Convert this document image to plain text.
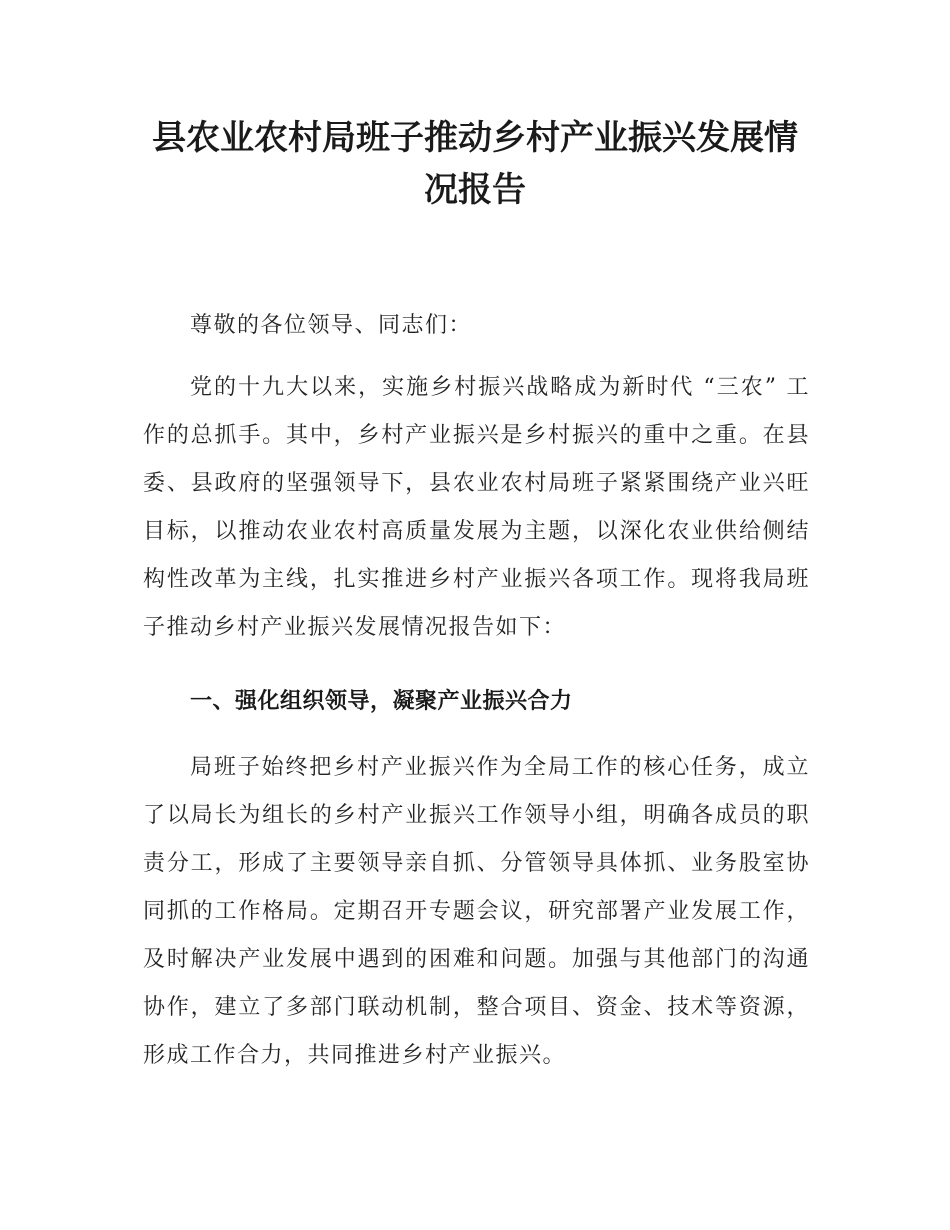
县农业农村局班子推动乡村产业振兴发展情
况报告

尊敬的各位领导、同志们：

党的十九大以来，实施乡村振兴战略成为新时代 “三农” 工作的总抓手。其中，乡村产业振兴是乡村振兴的重中之重。在县委、县政府的坚强领导下，县农业农村局班子紧紧围绕产业兴旺目标，以推动农业农村高质量发展为主题，以深化农业供给侧结构性改革为主线，扎实推进乡村产业振兴各项工作。现将我局班子推动乡村产业振兴发展情况报告如下：

一、强化组织领导，凝聚产业振兴合力

局班子始终把乡村产业振兴作为全局工作的核心任务，成立了以局长为组长的乡村产业振兴工作领导小组，明确各成员的职责分工，形成了主要领导亲自抓、分管领导具体抓、业务股室协同抓的工作格局。定期召开专题会议，研究部署产业发展工作，及时解决产业发展中遇到的困难和问题。加强与其他部门的沟通协作，建立了多部门联动机制，整合项目、资金、技术等资源，形成工作合力，共同推进乡村产业振兴。
